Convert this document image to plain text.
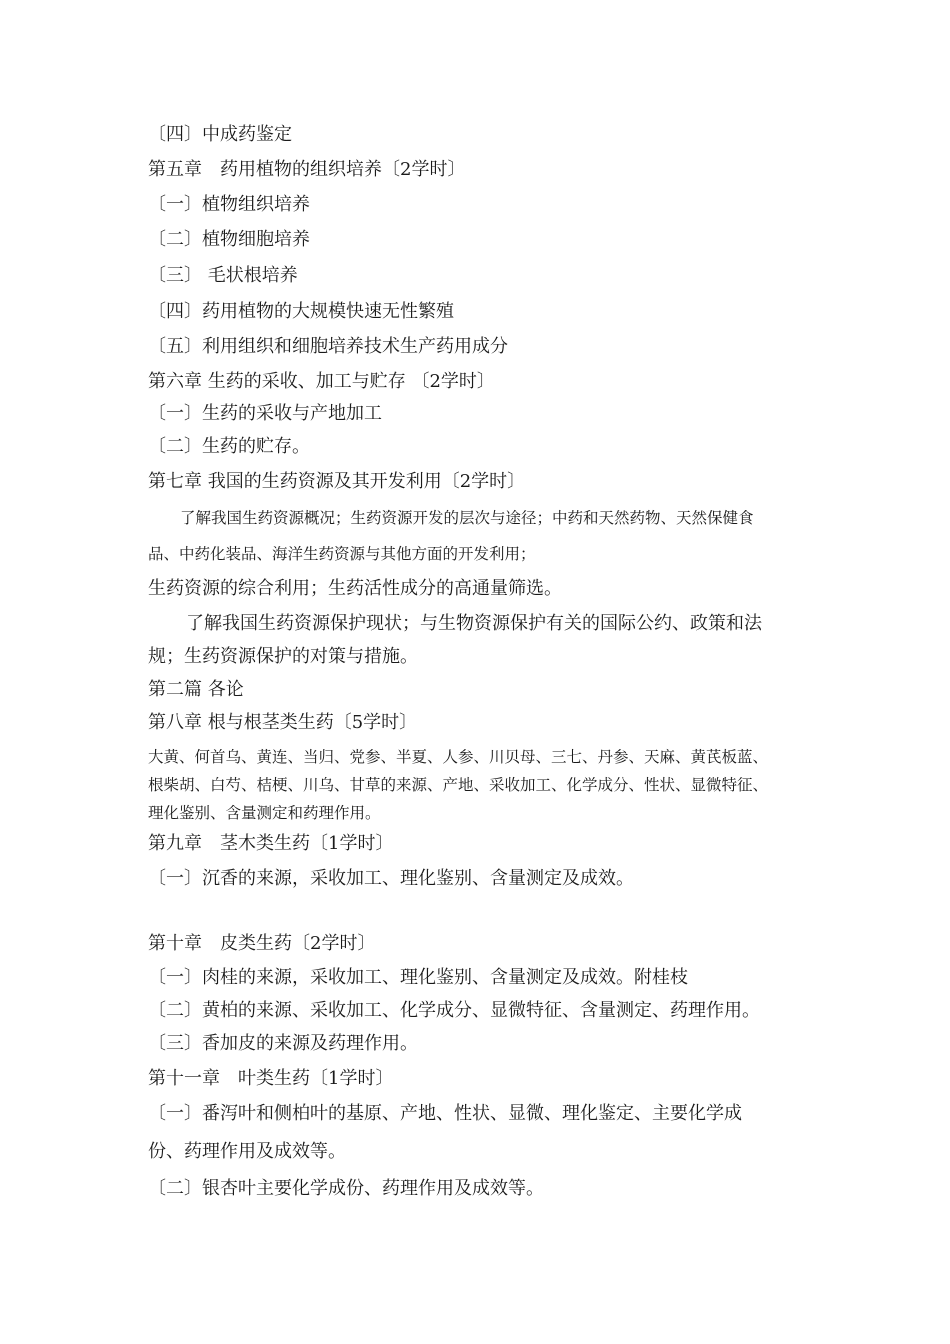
〔四〕中成药鉴定
第五章　药用植物的组织培养〔2学时〕
〔一〕植物组织培养
〔二〕植物细胞培养
〔三〕 毛状根培养
〔四〕药用植物的大规模快速无性繁殖
〔五〕利用组织和细胞培养技术生产药用成分
第六章 生药的采收、加工与贮存 〔2学时〕
〔一〕生药的采收与产地加工
〔二〕生药的贮存。
第七章 我国的生药资源及其开发利用〔2学时〕
了解我国生药资源概况；生药资源开发的层次与途径；中药和天然药物、天然保健食
品、中药化装品、海洋生药资源与其他方面的开发利用；
生药资源的综合利用；生药活性成分的高通量筛选。
了解我国生药资源保护现状；与生物资源保护有关的国际公约、政策和法
规；生药资源保护的对策与措施。
第二篇 各论
第八章 根与根茎类生药〔5学时〕
大黄、何首乌、黄连、当归、党参、半夏、人参、川贝母、三七、丹参、天麻、黄芪板蓝、
根柴胡、白芍、桔梗、川乌、甘草的来源、产地、采收加工、化学成分、性状、显微特征、
理化鉴别、含量测定和药理作用。
第九章　茎木类生药〔1学时〕
〔一〕沉香的来源，采收加工、理化鉴别、含量测定及成效。
第十章　皮类生药〔2学时〕
〔一〕肉桂的来源，采收加工、理化鉴别、含量测定及成效。附桂枝
〔二〕黄柏的来源、采收加工、化学成分、显微特征、含量测定、药理作用。
〔三〕香加皮的来源及药理作用。
第十一章　叶类生药〔1学时〕
〔一〕番泻叶和侧柏叶的基原、产地、性状、显微、理化鉴定、主要化学成
份、药理作用及成效等。
〔二〕银杏叶主要化学成份、药理作用及成效等。
